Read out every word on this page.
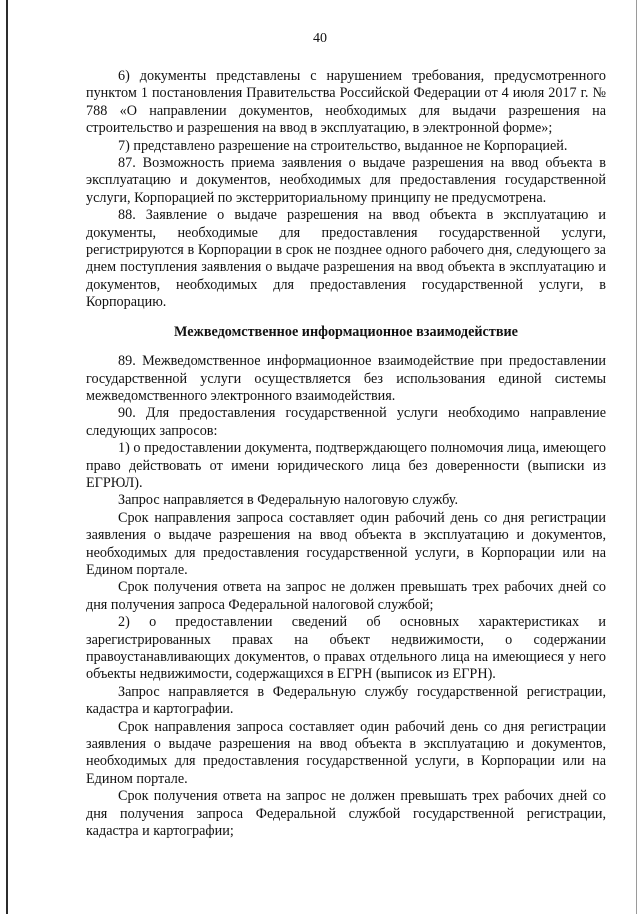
40

6) документы представлены с нарушением требования, предусмотренного пунктом 1 постановления Правительства Российской Федерации от 4 июля 2017 г. № 788 «О направлении документов, необходимых для выдачи разрешения на строительство и разрешения на ввод в эксплуатацию, в электронной форме»;

7) представлено разрешение на строительство, выданное не Корпорацией.

87. Возможность приема заявления о выдаче разрешения на ввод объекта в эксплуатацию и документов, необходимых для предоставления государственной услуги, Корпорацией по экстерриториальному принципу не предусмотрена.

88. Заявление о выдаче разрешения на ввод объекта в эксплуатацию и документы, необходимые для предоставления государственной услуги, регистрируются в Корпорации в срок не позднее одного рабочего дня, следующего за днем поступления заявления о выдаче разрешения на ввод объекта в эксплуатацию и документов, необходимых для предоставления государственной услуги, в Корпорацию.

Межведомственное информационное взаимодействие

89. Межведомственное информационное взаимодействие при предоставлении государственной услуги осуществляется без использования единой системы межведомственного электронного взаимодействия.

90. Для предоставления государственной услуги необходимо направление следующих запросов:

1) о предоставлении документа, подтверждающего полномочия лица, имеющего право действовать от имени юридического лица без доверенности (выписки из ЕГРЮЛ).

Запрос направляется в Федеральную налоговую службу.

Срок направления запроса составляет один рабочий день со дня регистрации заявления о выдаче разрешения на ввод объекта в эксплуатацию и документов, необходимых для предоставления государственной услуги, в Корпорации или на Едином портале.

Срок получения ответа на запрос не должен превышать трех рабочих дней со дня получения запроса Федеральной налоговой службой;

2) о предоставлении сведений об основных характеристиках и зарегистрированных правах на объект недвижимости, о содержании правоустанавливающих документов, о правах отдельного лица на имеющиеся у него объекты недвижимости, содержащихся в ЕГРН (выписок из ЕГРН).

Запрос направляется в Федеральную службу государственной регистрации, кадастра и картографии.

Срок направления запроса составляет один рабочий день со дня регистрации заявления о выдаче разрешения на ввод объекта в эксплуатацию и документов, необходимых для предоставления государственной услуги, в Корпорации или на Едином портале.

Срок получения ответа на запрос не должен превышать трех рабочих дней со дня получения запроса Федеральной службой государственной регистрации, кадастра и картографии;
